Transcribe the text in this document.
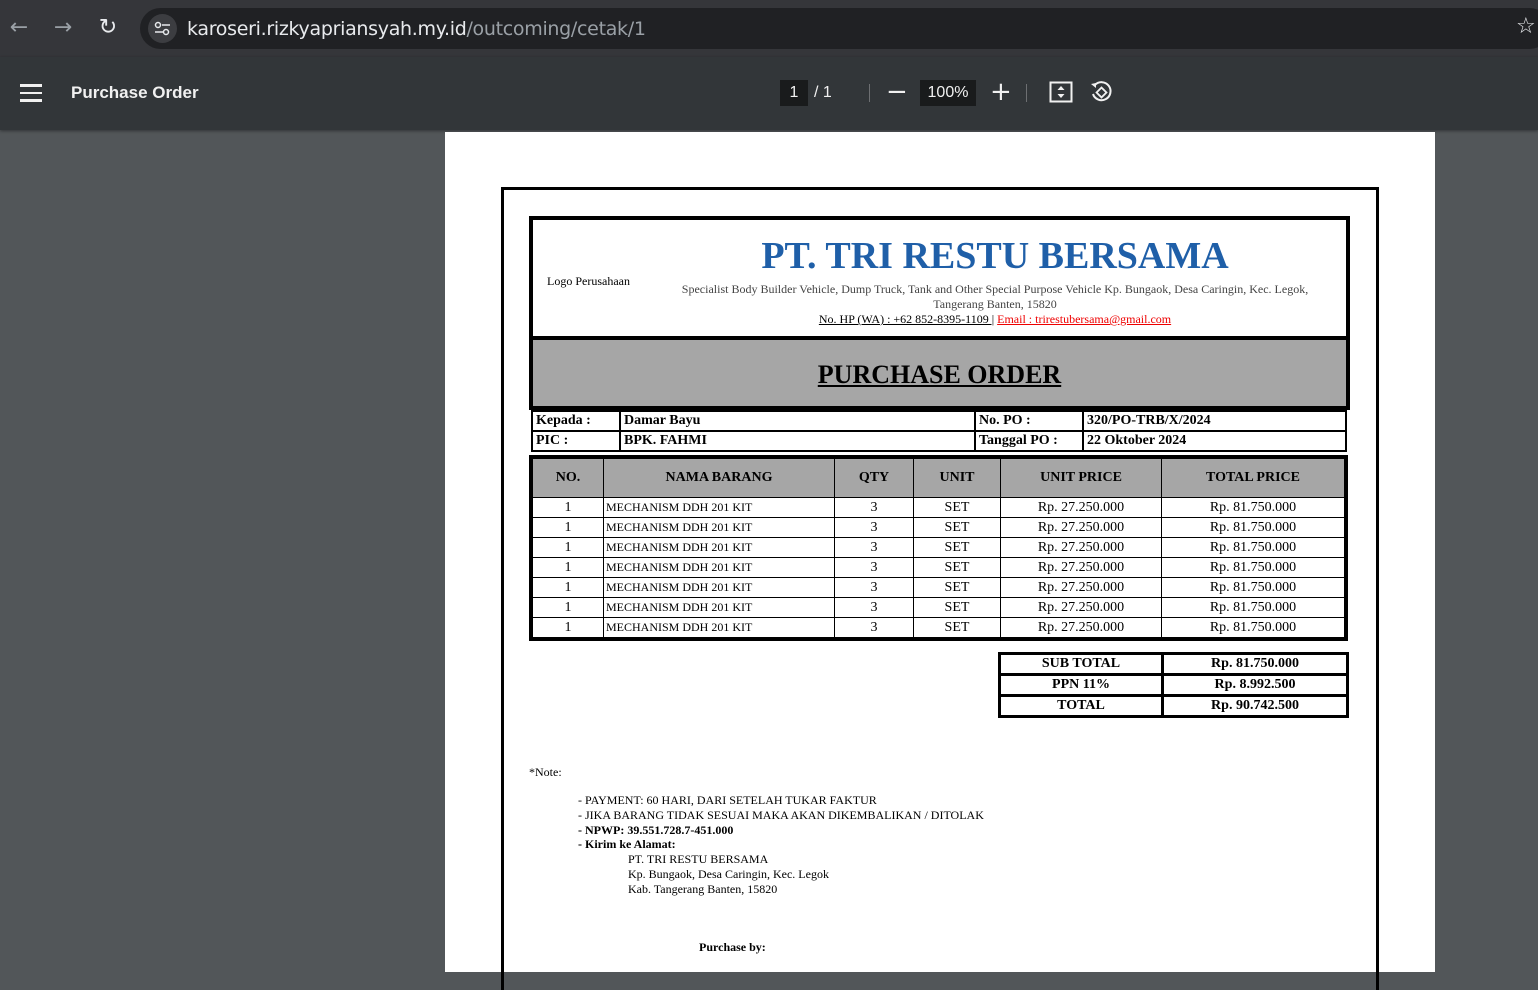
← → ↻	karoseri.rizkyapriansyah.my.id/outcoming/cetak/1	☆
Purchase Order	1 / 1 −	100% +
Logo Perusahaan
PT. TRI RESTU BERSAMA
Specialist Body Builder Vehicle, Dump Truck, Tank and Other Special Purpose Vehicle Kp. Bungaok, Desa Caringin, Kec. Legok, Tangerang Banten, 15820
No. HP (WA) : +62 852-8395-1109 | Email : trirestubersama@gmail.com
PURCHASE ORDER
Kepada :	Damar Bayu	No. PO :	320/PO-TRB/X/2024
PIC :	BPK. FAHMI	Tanggal PO :	22 Oktober 2024
NO.	NAMA BARANG	QTY	UNIT	UNIT PRICE	TOTAL PRICE
1	MECHANISM DDH 201 KIT	3	SET	Rp. 27.250.000	Rp. 81.750.000
1	MECHANISM DDH 201 KIT	3	SET	Rp. 27.250.000	Rp. 81.750.000
1	MECHANISM DDH 201 KIT	3	SET	Rp. 27.250.000	Rp. 81.750.000
1	MECHANISM DDH 201 KIT	3	SET	Rp. 27.250.000	Rp. 81.750.000
1	MECHANISM DDH 201 KIT	3	SET	Rp. 27.250.000	Rp. 81.750.000
1	MECHANISM DDH 201 KIT	3	SET	Rp. 27.250.000	Rp. 81.750.000
1	MECHANISM DDH 201 KIT	3	SET	Rp. 27.250.000	Rp. 81.750.000
SUB TOTAL	Rp. 81.750.000
PPN 11%	Rp. 8.992.500
TOTAL	Rp. 90.742.500
*Note:
- PAYMENT: 60 HARI, DARI SETELAH TUKAR FAKTUR
- JIKA BARANG TIDAK SESUAI MAKA AKAN DIKEMBALIKAN / DITOLAK
- NPWP: 39.551.728.7-451.000
- Kirim ke Alamat:
PT. TRI RESTU BERSAMA
Kp. Bungaok, Desa Caringin, Kec. Legok
Kab. Tangerang Banten, 15820
Purchase by:
